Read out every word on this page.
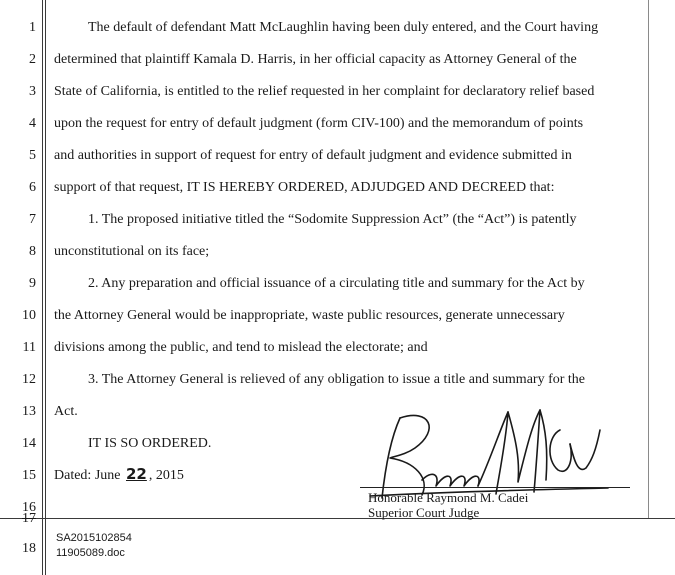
1
2
3
4
5
6
7
8
9
10
11
12
13
14
15
16
17
18
The default of defendant Matt McLaughlin having been duly entered, and the Court having
determined that plaintiff Kamala D. Harris, in her official capacity as Attorney General of the
State of California, is entitled to the relief requested in her complaint for declaratory relief based
upon the request for entry of default judgment (form CIV-100) and the memorandum of points
and authorities in support of request for entry of default judgment and evidence submitted in
support of that request, IT IS HEREBY ORDERED, ADJUDGED AND DECREED that:
1. The proposed initiative titled the “Sodomite Suppression Act” (the “Act”) is patently
unconstitutional on its face;
2. Any preparation and official issuance of a circulating title and summary for the Act by
the Attorney General would be inappropriate, waste public resources, generate unnecessary
divisions among the public, and tend to mislead the electorate; and
3. The Attorney General is relieved of any obligation to issue a title and summary for the
Act.
IT IS SO ORDERED.
Dated: June 22 , 2015
Honorable Raymond M. Cadei
Superior Court Judge
SA2015102854
11905089.doc
